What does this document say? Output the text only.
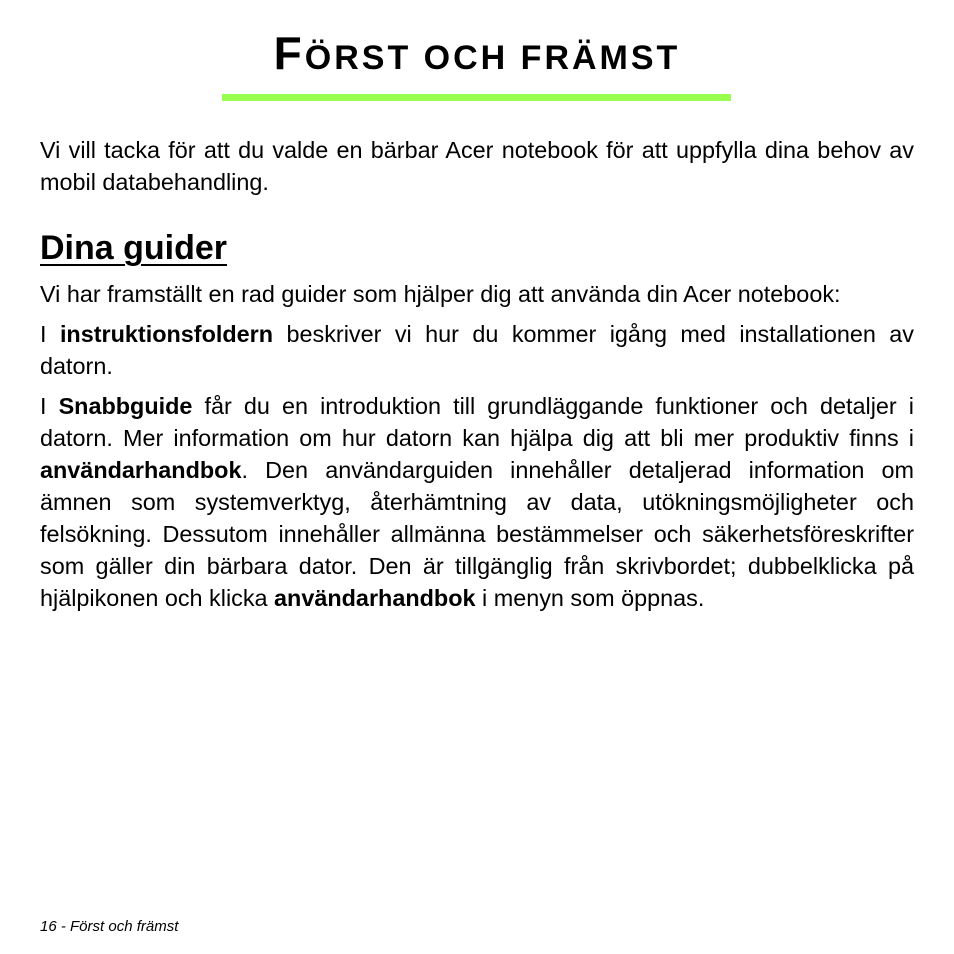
FÖRST OCH FRÄMST

Vi vill tacka för att du valde en bärbar Acer notebook för att uppfylla dina behov av mobil databehandling.

Dina guider

Vi har framställt en rad guider som hjälper dig att använda din Acer notebook:

I instruktionsfoldern beskriver vi hur du kommer igång med installationen av datorn.

I Snabbguide får du en introduktion till grundläggande funktioner och detaljer i datorn. Mer information om hur datorn kan hjälpa dig att bli mer produktiv finns i användarhandbok. Den användarguiden innehåller detaljerad information om ämnen som systemverktyg, återhämtning av data, utökningsmöjligheter och felsökning. Dessutom innehåller allmänna bestämmelser och säkerhetsföreskrifter som gäller din bärbara dator. Den är tillgänglig från skrivbordet; dubbelklicka på hjälpikonen och klicka användarhandbok i menyn som öppnas.

16 - Först och främst
